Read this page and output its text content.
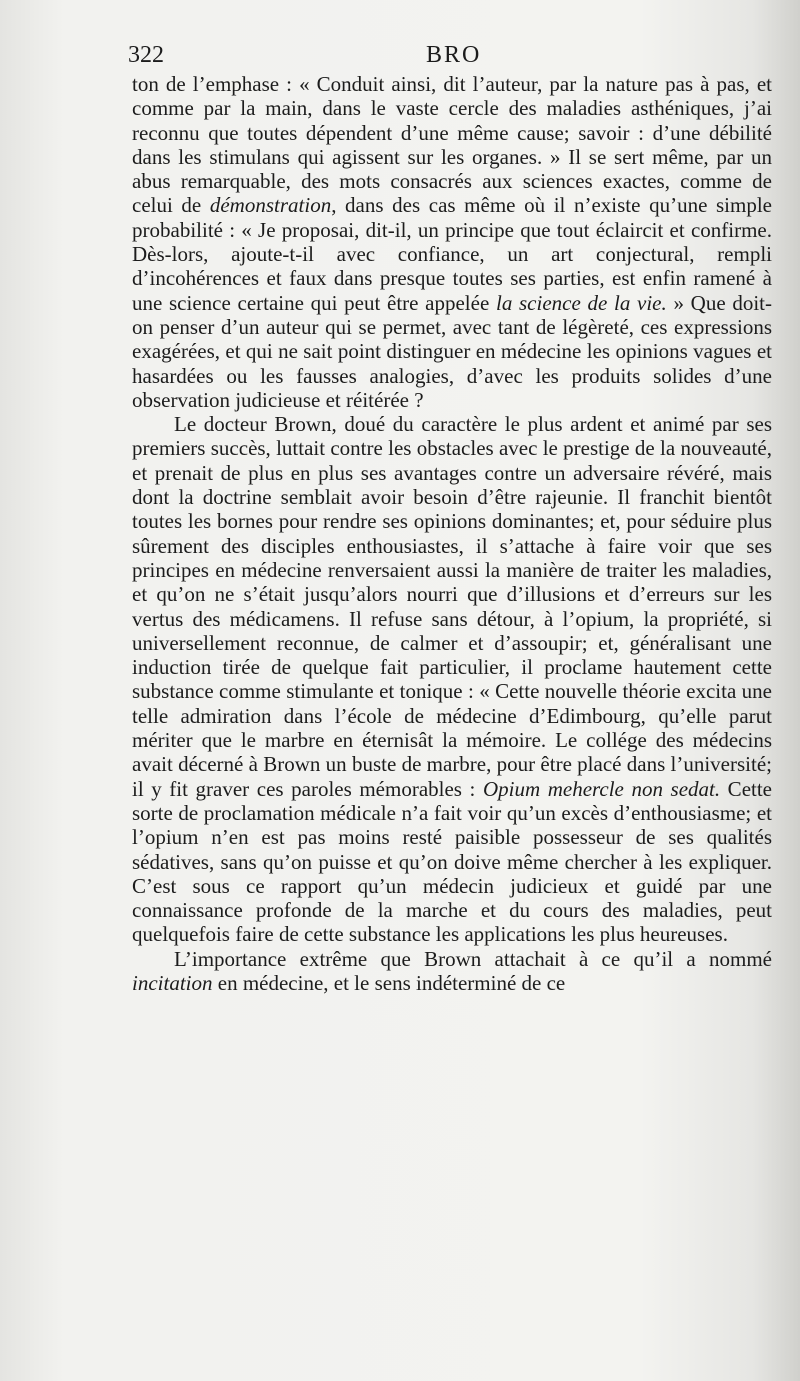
322	BRO

ton de l’emphase : « Conduit ainsi, dit l’auteur, par la nature pas à pas, et comme par la main, dans le vaste cercle des maladies asthéniques, j’ai reconnu que toutes dépendent d’une même cause; savoir : d’une débilité dans les stimulans qui agissent sur les organes. » Il se sert même, par un abus remarquable, des mots consacrés aux sciences exactes, comme de celui de démonstration, dans des cas même où il n’existe qu’une simple probabilité : « Je proposai, dit-il, un principe que tout éclaircit et confirme. Dès-lors, ajoute-t-il avec confiance, un art conjectural, rempli d’incohérences et faux dans presque toutes ses parties, est enfin ramené à une science certaine qui peut être appelée la science de la vie. » Que doit-on penser d’un auteur qui se permet, avec tant de légèreté, ces expressions exagérées, et qui ne sait point distinguer en médecine les opinions vagues et hasardées ou les fausses analogies, d’avec les produits solides d’une observation judicieuse et réitérée ?

Le docteur Brown, doué du caractère le plus ardent et animé par ses premiers succès, luttait contre les obstacles avec le prestige de la nouveauté, et prenait de plus en plus ses avantages contre un adversaire révéré, mais dont la doctrine semblait avoir besoin d’être rajeunie. Il franchit bientôt toutes les bornes pour rendre ses opinions dominantes; et, pour séduire plus sûrement des disciples enthousiastes, il s’attache à faire voir que ses principes en médecine renversaient aussi la manière de traiter les maladies, et qu’on ne s’était jusqu’alors nourri que d’illusions et d’erreurs sur les vertus des médicamens. Il refuse sans détour, à l’opium, la propriété, si universellement reconnue, de calmer et d’assoupir; et, généralisant une induction tirée de quelque fait particulier, il proclame hautement cette substance comme stimulante et tonique : « Cette nouvelle théorie excita une telle admiration dans l’école de médecine d’Edimbourg, qu’elle parut mériter que le marbre en éternisât la mémoire. Le collége des médecins avait décerné à Brown un buste de marbre, pour être placé dans l’université; il y fit graver ces paroles mémorables : Opium mehercle non sedat. Cette sorte de proclamation médicale n’a fait voir qu’un excès d’enthousiasme; et l’opium n’en est pas moins resté paisible possesseur de ses qualités sédatives, sans qu’on puisse et qu’on doive même chercher à les expliquer. C’est sous ce rapport qu’un médecin judicieux et guidé par une connaissance profonde de la marche et du cours des maladies, peut quelquefois faire de cette substance les applications les plus heureuses.

L’importance extrême que Brown attachait à ce qu’il a nommé incitation en médecine, et le sens indéterminé de ce
